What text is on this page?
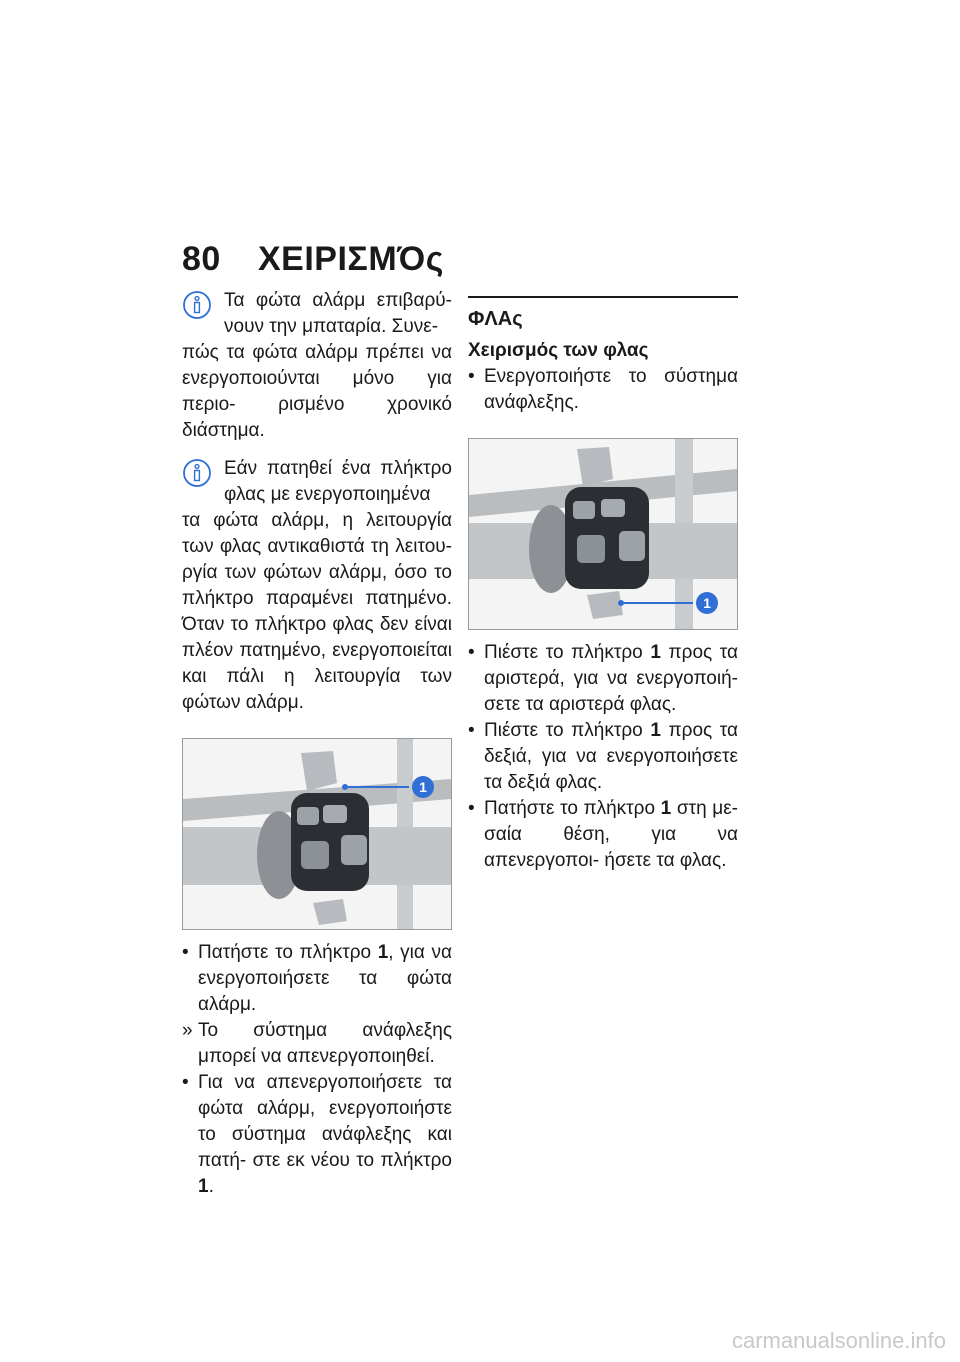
80 ΧΕΙΡΙΣΜΌς

Τα φώτα αλάρμ επιβαρύ- νουν την μπαταρία. Συνε-

πώς τα φώτα αλάρμ πρέπει να ενεργοποιούνται μόνο για περιο- ρισμένο χρονικό διάστημα.

Εάν πατηθεί ένα πλήκτρο φλας με ενεργοποιημένα

τα φώτα αλάρμ, η λειτουργία των φλας αντικαθιστά τη λειτου- ργία των φώτων αλάρμ, όσο το πλήκτρο παραμένει πατημένο. Όταν το πλήκτρο φλας δεν είναι πλέον πατημένο, ενεργοποιείται και πάλι η λειτουργία των φώτων αλάρμ.

1
• Πατήστε το πλήκτρο 1, για να ενεργοποιήσετε τα φώτα αλάρμ.
» Το σύστημα ανάφλεξης μπορεί να απενεργοποιηθεί.
• Για να απενεργοποιήσετε τα φώτα αλάρμ, ενεργοποιήστε το σύστημα ανάφλεξης και πατή- στε εκ νέου το πλήκτρο 1.

ΦΛΑς

Χειρισμός των φλας

• Ενεργοποιήστε το σύστημα ανάφλεξης.
1
• Πιέστε το πλήκτρο 1 προς τα αριστερά, για να ενεργοποιή- σετε τα αριστερά φλας.
• Πιέστε το πλήκτρο 1 προς τα δεξιά, για να ενεργοποιήσετε τα δεξιά φλας.
• Πατήστε το πλήκτρο 1 στη με- σαία θέση, για να απενεργοποι- ήσετε τα φλας.
carmanualsonline.info
